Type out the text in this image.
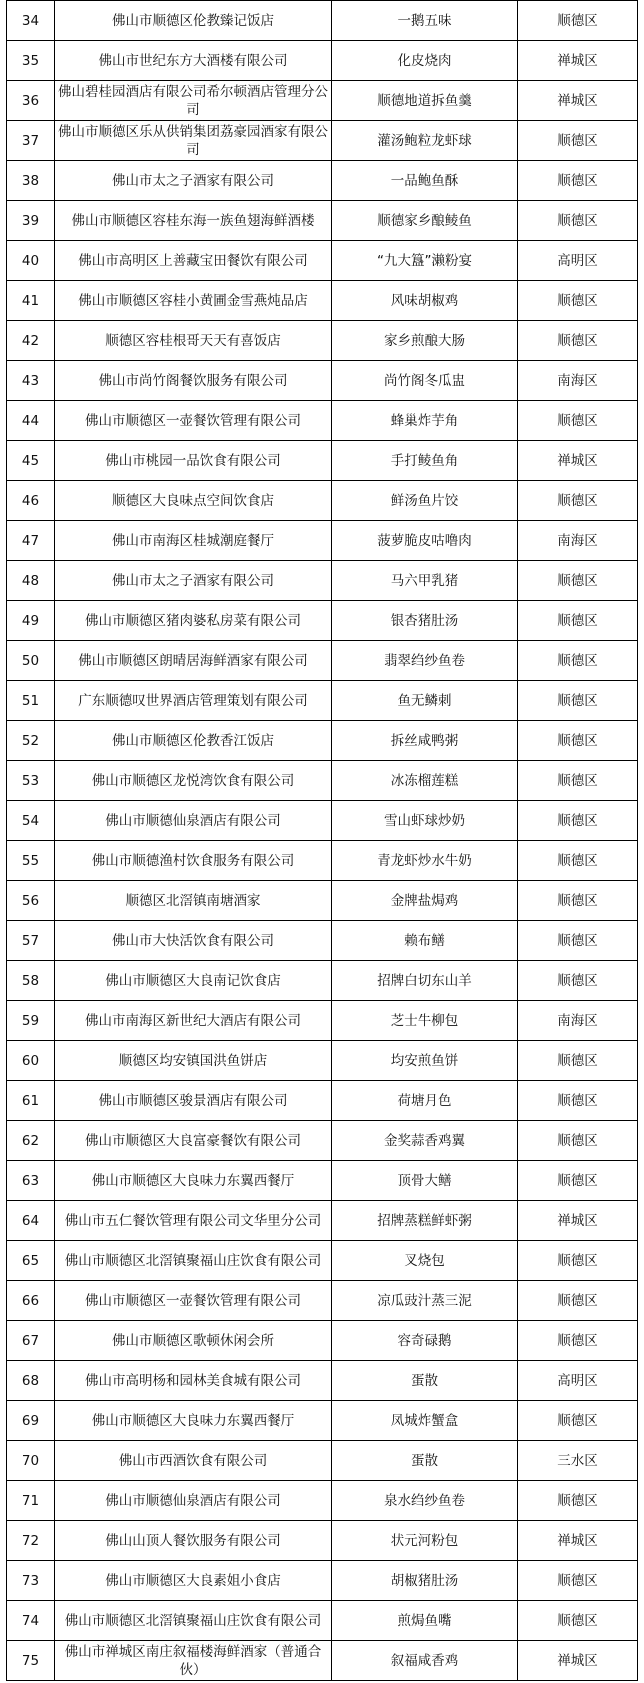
34	佛山市顺德区伦教臻记饭店	一鹅五味	顺德区
35	佛山市世纪东方大酒楼有限公司	化皮烧肉	禅城区
36	佛山碧桂园酒店有限公司希尔顿酒店管理分公司	顺德地道拆鱼羹	禅城区
37	佛山市顺德区乐从供销集团荔豪园酒家有限公司	灌汤鲍粒龙虾球	顺德区
38	佛山市太之子酒家有限公司	一品鲍鱼酥	顺德区
39	佛山市顺德区容桂东海一族鱼翅海鲜酒楼	顺德家乡酿鲮鱼	顺德区
40	佛山市高明区上善藏宝田餐饮有限公司	“九大簋”濑粉宴	高明区
41	佛山市顺德区容桂小黄圃金雪燕炖品店	风味胡椒鸡	顺德区
42	顺德区容桂根哥天天有喜饭店	家乡煎酿大肠	顺德区
43	佛山市尚竹阁餐饮服务有限公司	尚竹阁冬瓜盅	南海区
44	佛山市顺德区一壶餐饮管理有限公司	蜂巢炸芋角	顺德区
45	佛山市桃园一品饮食有限公司	手打鲮鱼角	禅城区
46	顺德区大良味点空间饮食店	鲜汤鱼片饺	顺德区
47	佛山市南海区桂城潮庭餐厅	菠萝脆皮咕噜肉	南海区
48	佛山市太之子酒家有限公司	马六甲乳猪	顺德区
49	佛山市顺德区猪肉婆私房菜有限公司	银杏猪肚汤	顺德区
50	佛山市顺德区朗晴居海鲜酒家有限公司	翡翠绉纱鱼卷	顺德区
51	广东顺德叹世界酒店管理策划有限公司	鱼无鳞刺	顺德区
52	佛山市顺德区伦教香江饭店	拆丝咸鸭粥	顺德区
53	佛山市顺德区龙悦湾饮食有限公司	冰冻榴莲糕	顺德区
54	佛山市顺德仙泉酒店有限公司	雪山虾球炒奶	顺德区
55	佛山市顺德渔村饮食服务有限公司	青龙虾炒水牛奶	顺德区
56	顺德区北滘镇南塘酒家	金牌盐焗鸡	顺德区
57	佛山市大快活饮食有限公司	赖布鳝	顺德区
58	佛山市顺德区大良南记饮食店	招牌白切东山羊	顺德区
59	佛山市南海区新世纪大酒店有限公司	芝士牛柳包	南海区
60	顺德区均安镇国洪鱼饼店	均安煎鱼饼	顺德区
61	佛山市顺德区骏景酒店有限公司	荷塘月色	顺德区
62	佛山市顺德区大良富豪餐饮有限公司	金奖蒜香鸡翼	顺德区
63	佛山市顺德区大良味力东翼西餐厅	顶骨大鳝	顺德区
64	佛山市五仁餐饮管理有限公司文华里分公司	招牌蒸糕鲜虾粥	禅城区
65	佛山市顺德区北滘镇聚福山庄饮食有限公司	叉烧包	顺德区
66	佛山市顺德区一壶餐饮管理有限公司	凉瓜豉汁蒸三泥	顺德区
67	佛山市顺德区歌顿休闲会所	容奇碌鹅	顺德区
68	佛山市高明杨和园林美食城有限公司	蛋散	高明区
69	佛山市顺德区大良味力东翼西餐厅	凤城炸蟹盒	顺德区
70	佛山市西酒饮食有限公司	蛋散	三水区
71	佛山市顺德仙泉酒店有限公司	泉水绉纱鱼卷	顺德区
72	佛山山顶人餐饮服务有限公司	状元河粉包	禅城区
73	佛山市顺德区大良素姐小食店	胡椒猪肚汤	顺德区
74	佛山市顺德区北滘镇聚福山庄饮食有限公司	煎焗鱼嘴	顺德区
75	佛山市禅城区南庄叙福楼海鲜酒家（普通合伙）	叙福咸香鸡	禅城区
